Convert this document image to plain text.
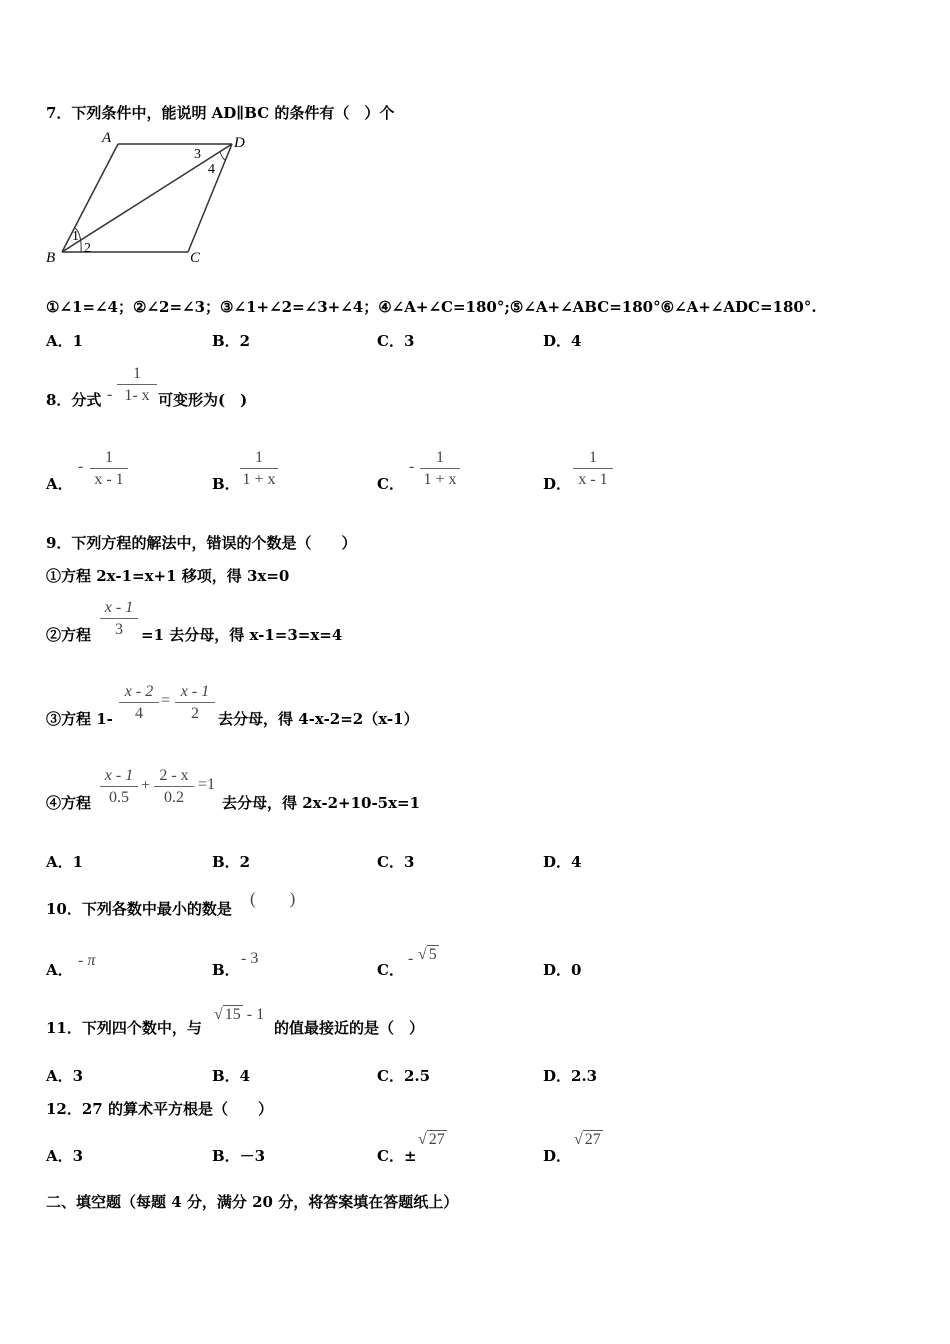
7．下列条件中，能说明 AD∥BC 的条件有（　）个
A	D
B	C
1
2
3
4
①∠1=∠4；②∠2=∠3；③∠1+∠2=∠3+∠4；④∠A+∠C=180°;⑤∠A+∠ABC=180°⑥∠A+∠ADC=180°.
A．1	B．2	C．3	D．4
8．分式 -
1
1- x 可变形为(　)
A．
-
1
x - 1	B．
1
1 + x	C．
-
1
1 + x	D．
1
x - 1
9．下列方程的解法中，错误的个数是（　　）
①方程 2x-1=x+1 移项，得 3x=0
②方程
x - 1
3	=1 去分母，得 x-1=3=x=4
③方程 1-
x - 2
4
=
x - 1
2	去分母，得 4-x-2=2（x-1）
④方程
x - 1
0.5
+
2 - x
0.2
=1
去分母，得 2x-2+10-5x=1
A．1	B．2	C．3	D．4
10．下列各数中最小的数是
(　　)
A．
- π
B．
- 3
C．
- √ 5
D．0
11．下列四个数中，与
√ 15 - 1
的值最接近的是（　）
A．3	B．4	C．2.5	D．2.3
12．27 的算术平方根是（　　）
A．3	B．－3	C．±
√ 27
D．
√ 27
二、填空题（每题 4 分，满分 20 分，将答案填在答题纸上）
